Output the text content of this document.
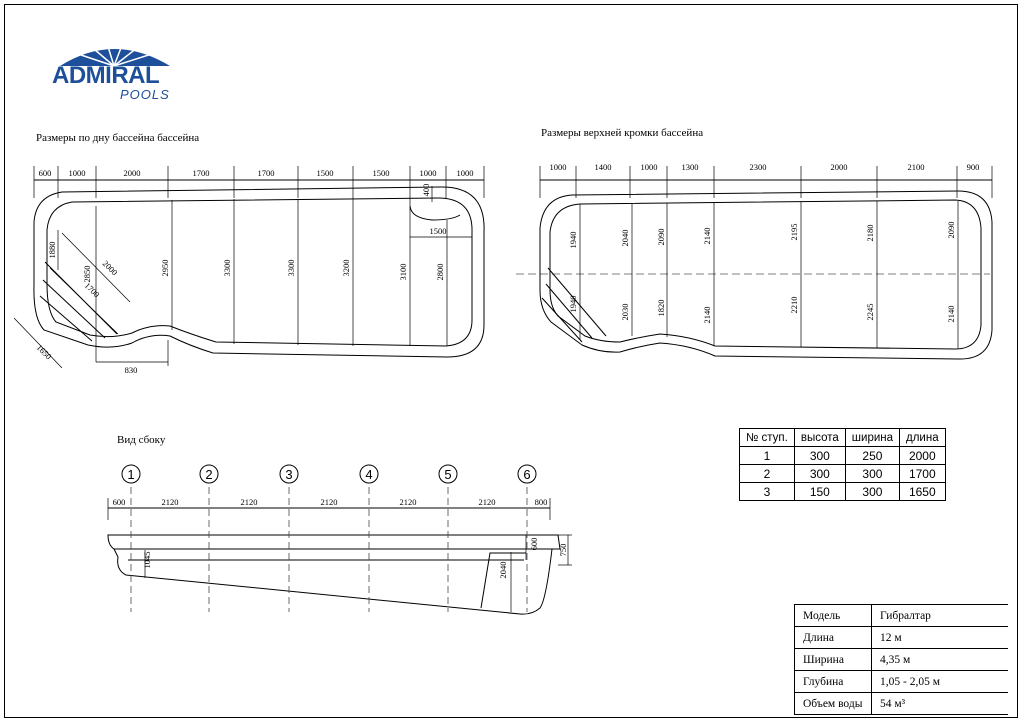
ADMIRAL
POOLS
Размеры по дну бассейна бассейна	Размеры верхней кромки бассейна
Вид сбоку
600 1000	2000	1700	1700	1500	1500	1000 1000
2950	3300	3300	3200	3100	2800
1880
2850 2000
1700
1650
830
400
1500
1000	1400	1000	1300	2300	2000	2100	900
1940	2040	2090	2140	2195	2180	2090
1940	2030	1820	2140
2210	2245	2140
1	2	3	4	5	6
600	2120	2120	2120	2120	2120	800
1045
2040
600 750
№ ступ.	высота	ширина	длина
1	300	250	2000
2	300	300	1700
3	150	300	1650
Модель	Гибралтар
Длина	12 м
Ширина	4,35 м
Глубина	1,05 - 2,05 м
Объем воды	54 м³
